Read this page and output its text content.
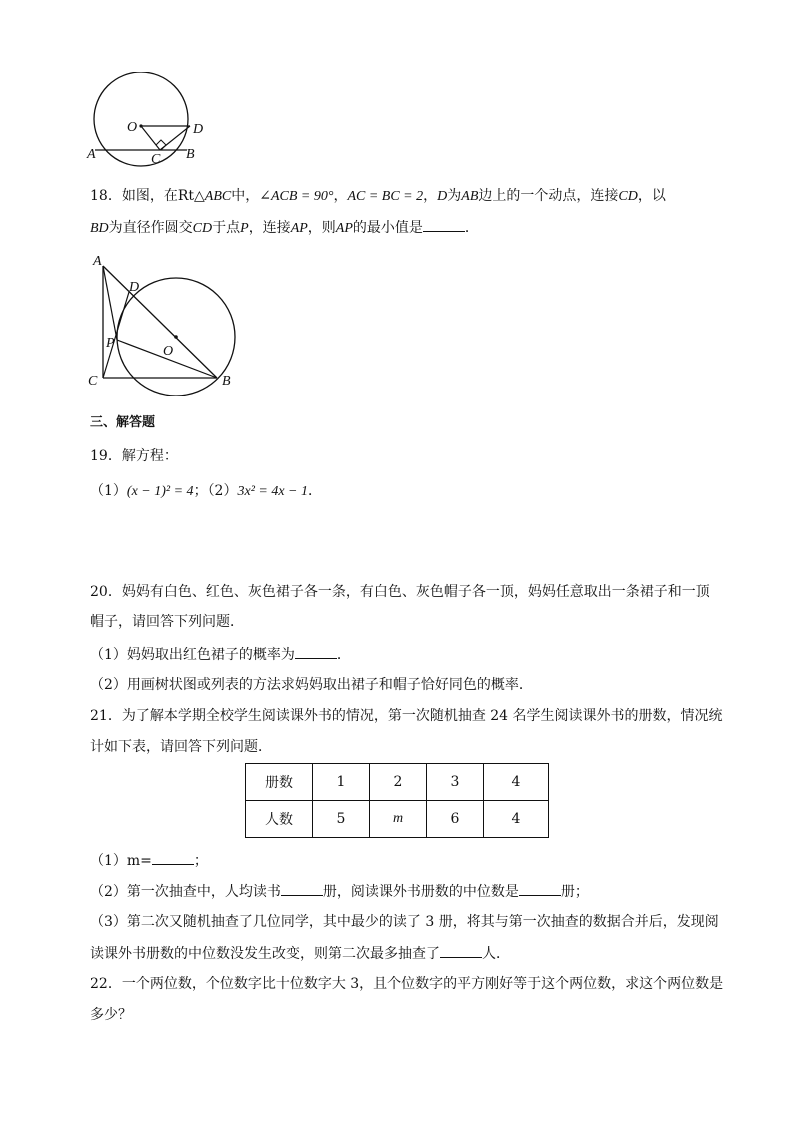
O	D
A	C B
18．如图，在Rt△ABC中，∠ACB = 90°，AC = BC = 2，D为AB边上的一个动点，连接CD，以
BD为直径作圆交CD于点P，连接AP，则AP的最小值是	．
A
D
P
O
C	B
三、解答题
19．解方程：
（1）(x − 1)² = 4；（2）3x² = 4x − 1．
20．妈妈有白色、红色、灰色裙子各一条，有白色、灰色帽子各一顶，妈妈任意取出一条裙子和一顶
帽子，请回答下列问题．
（1）妈妈取出红色裙子的概率为	．
（2）用画树状图或列表的方法求妈妈取出裙子和帽子恰好同色的概率．
21．为了解本学期全校学生阅读课外书的情况，第一次随机抽查 24 名学生阅读课外书的册数，情况统
计如下表，请回答下列问题．
册数	1	2	3	4
人数	5	m	6	4
（1）m=	；
（2）第一次抽查中，人均读书	册，阅读课外书册数的中位数是	册；
（3）第二次又随机抽查了几位同学，其中最少的读了 3 册，将其与第一次抽查的数据合并后，发现阅
读课外书册数的中位数没发生改变，则第二次最多抽查了	人．
22．一个两位数，个位数字比十位数字大 3，且个位数字的平方刚好等于这个两位数，求这个两位数是
多少？
